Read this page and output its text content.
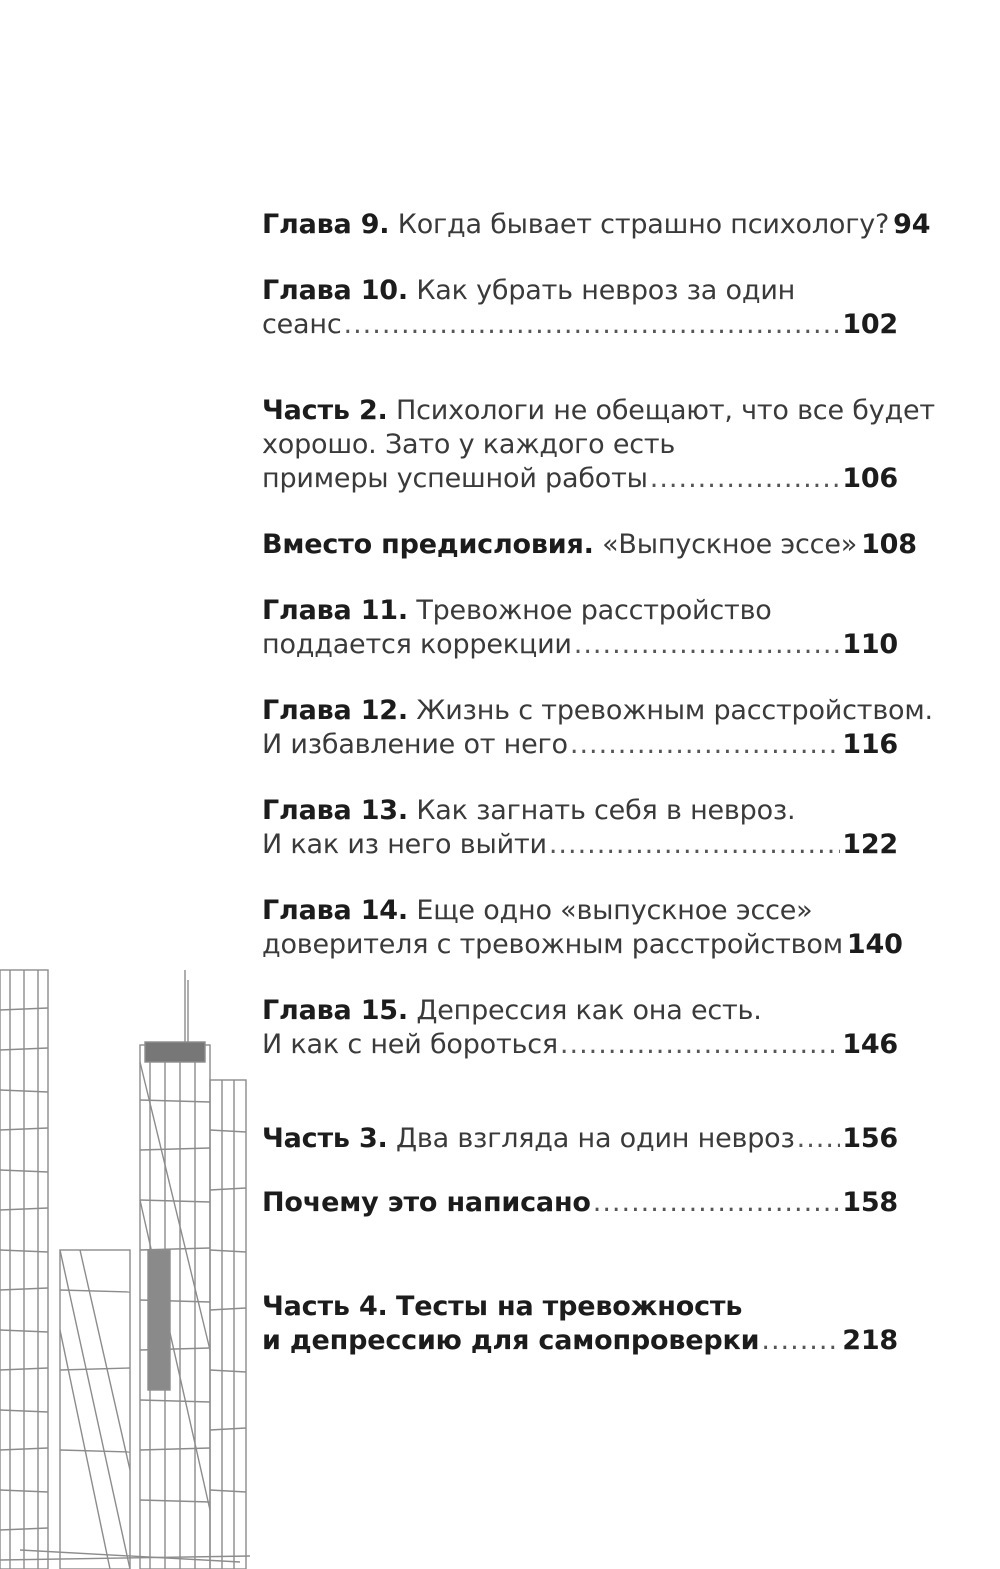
Глава 9.
Когда бывает страшно психологу? 94
Глава 10.
Как убрать невроз за один
сеанс .....	102
Часть 2.
Психологи не обещают, что все будет
хорошо. Зато у каждого есть
примеры успешной работы .....	106
Вместо предисловия.
«Выпускное эссе» 108
Глава 11.
Тревожное расстройство
поддается коррекции .....	110
Глава 12.
Жизнь с тревожным расстройством.
И избавление от него .....	116
Глава 13.
Как загнать себя в невроз.
И как из него выйти .....	122
Глава 14.
Еще одно «выпускное эссе»
доверителя с тревожным расстройством 140
Глава 15.
Депрессия как она есть.
И как с ней бороться .....	146
Часть 3.
Два взгляда на один невроз ..... 156
Почему это написано .....	158
Часть 4.
Тесты на тревожность
и депрессию для самопроверки .....	218
